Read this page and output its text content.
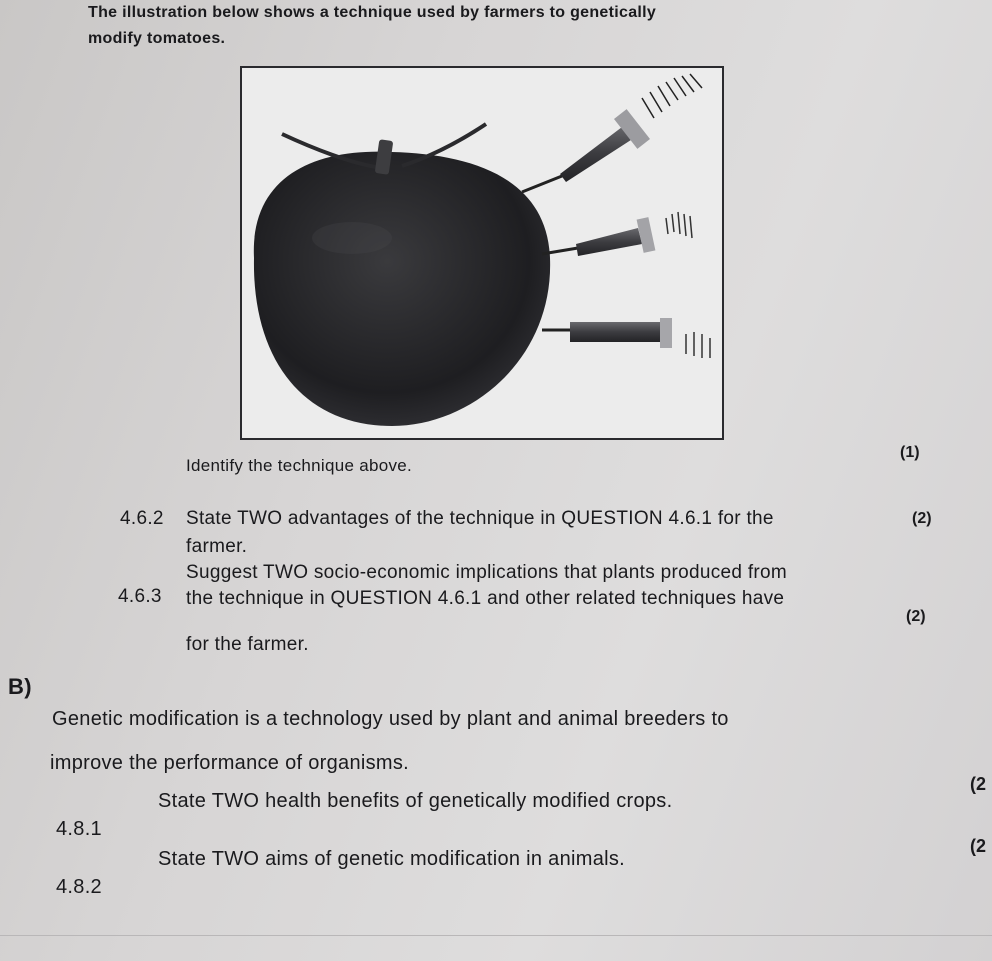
The illustration below shows a technique used by farmers to genetically
modify tomatoes.
Identify the technique above.
(1)
4.6.2 State TWO advantages of the technique in QUESTION 4.6.1 for the
farmer.
(2)
4.6.3
Suggest TWO socio-economic implications that plants produced from
the technique in QUESTION 4.6.1 and other related techniques have
for the farmer.
(2)
B)
Genetic modification is a technology used by plant and animal breeders to
improve the performance of organisms.
4.8.1
State TWO health benefits of genetically modified crops.
(2
4.8.2
State TWO aims of genetic modification in animals.
(2
